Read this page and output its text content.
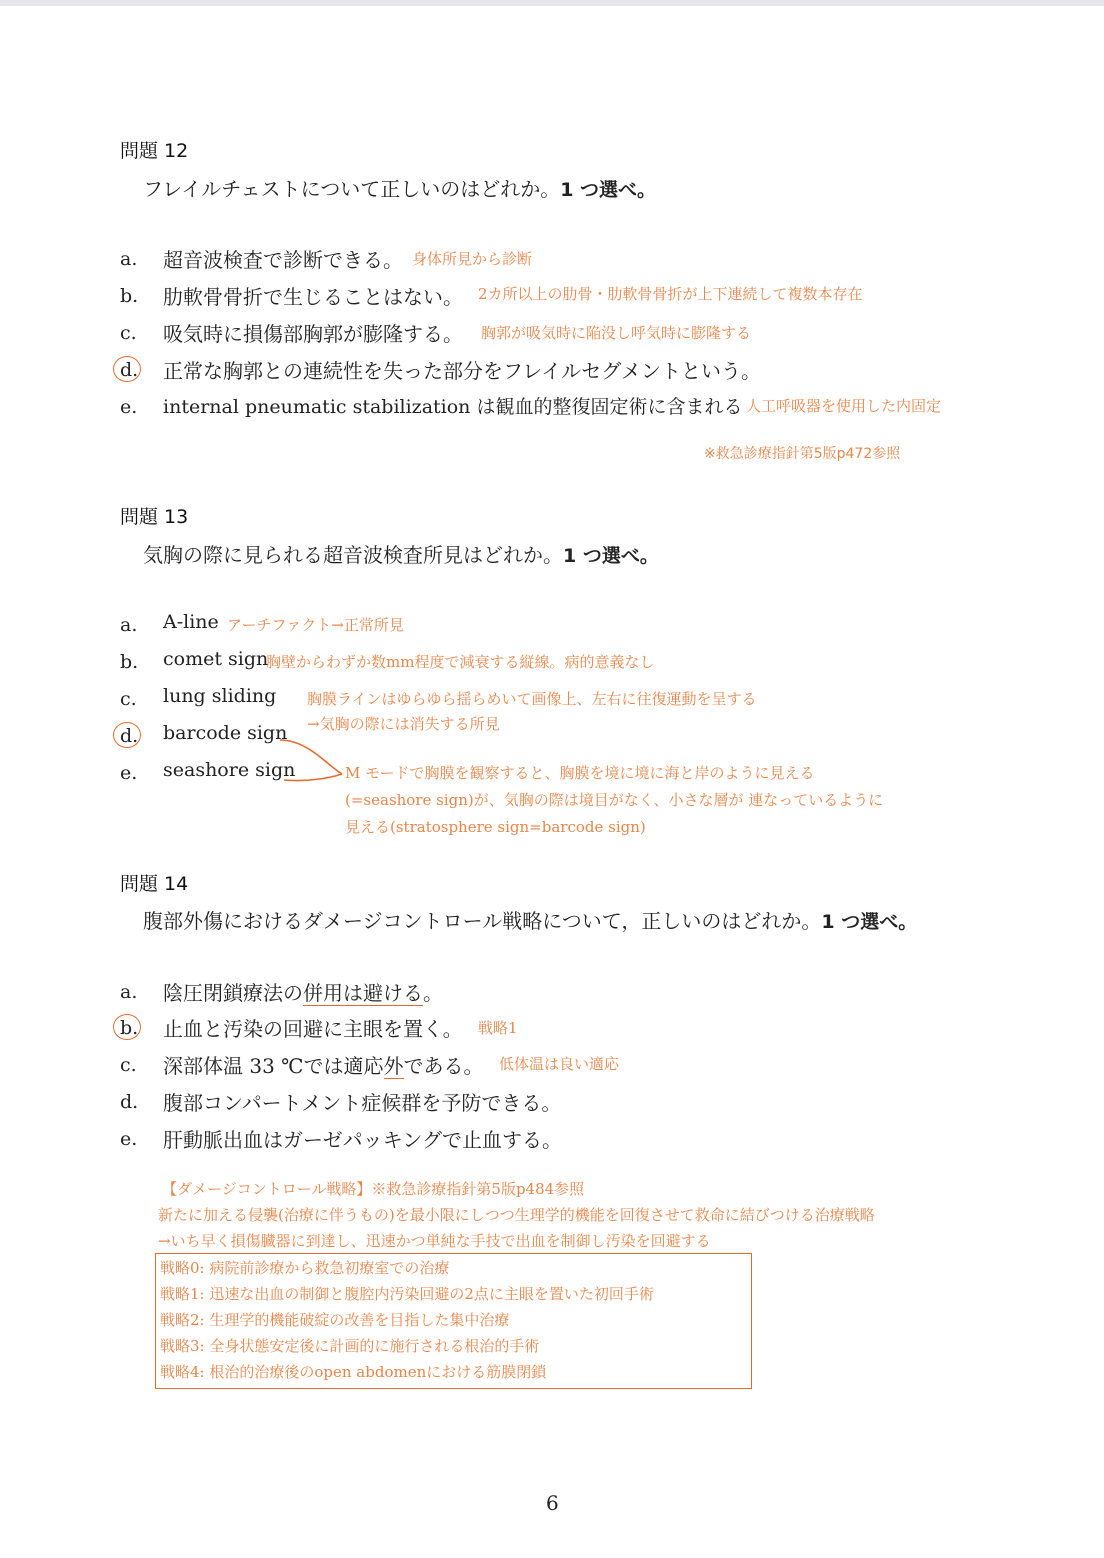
問題 12
フレイルチェストについて正しいのはどれか。1 つ選べ。
a. 超音波検査で診断できる。 身体所見から診断
b. 肋軟骨骨折で生じることはない。 2カ所以上の肋骨・肋軟骨骨折が上下連続して複数本存在
c. 吸気時に損傷部胸郭が膨隆する。 胸郭が吸気時に陥没し呼気時に膨隆する
d. 正常な胸郭との連続性を失った部分をフレイルセグメントという。
e. internal pneumatic stabilization は観血的整復固定術に含まれる 人工呼吸器を使用した内固定
※救急診療指針第5版p472参照
問題 13
気胸の際に見られる超音波検査所見はどれか。1 つ選べ。
a. A-line アーチファクト→正常所見
b. comet sign
胸壁からわずか数mm程度で減衰する縦線。病的意義なし
c. lung sliding 胸膜ラインはゆらゆら揺らめいて画像上、左右に往復運動を呈する
→気胸の際には消失する所見
d. barcode sign
e. seashore sign	M モードで胸膜を観察すると、胸膜を境に境に海と岸のように見える
(=seashore sign)が、気胸の際は境目がなく、小さな層が 連なっているように
見える(stratosphere sign=barcode sign)
問題 14
腹部外傷におけるダメージコントロール戦略について，正しいのはどれか。1 つ選べ。
a. 陰圧閉鎖療法の併用は避ける。
b. 止血と汚染の回避に主眼を置く。 戦略1
c. 深部体温 33 ℃では適応外である。 低体温は良い適応
d. 腹部コンパートメント症候群を予防できる。
e. 肝動脈出血はガーゼパッキングで止血する。
【ダメージコントロール戦略】※救急診療指針第5版p484参照
新たに加える侵襲(治療に伴うもの)を最小限にしつつ生理学的機能を回復させて救命に結びつける治療戦略
→いち早く損傷臓器に到達し、迅速かつ単純な手技で出血を制御し汚染を回避する
戦略0: 病院前診療から救急初療室での治療
戦略1: 迅速な出血の制御と腹腔内汚染回避の2点に主眼を置いた初回手術
戦略2: 生理学的機能破綻の改善を目指した集中治療
戦略3: 全身状態安定後に計画的に施行される根治的手術
戦略4: 根治的治療後のopen abdomenにおける筋膜閉鎖
6
